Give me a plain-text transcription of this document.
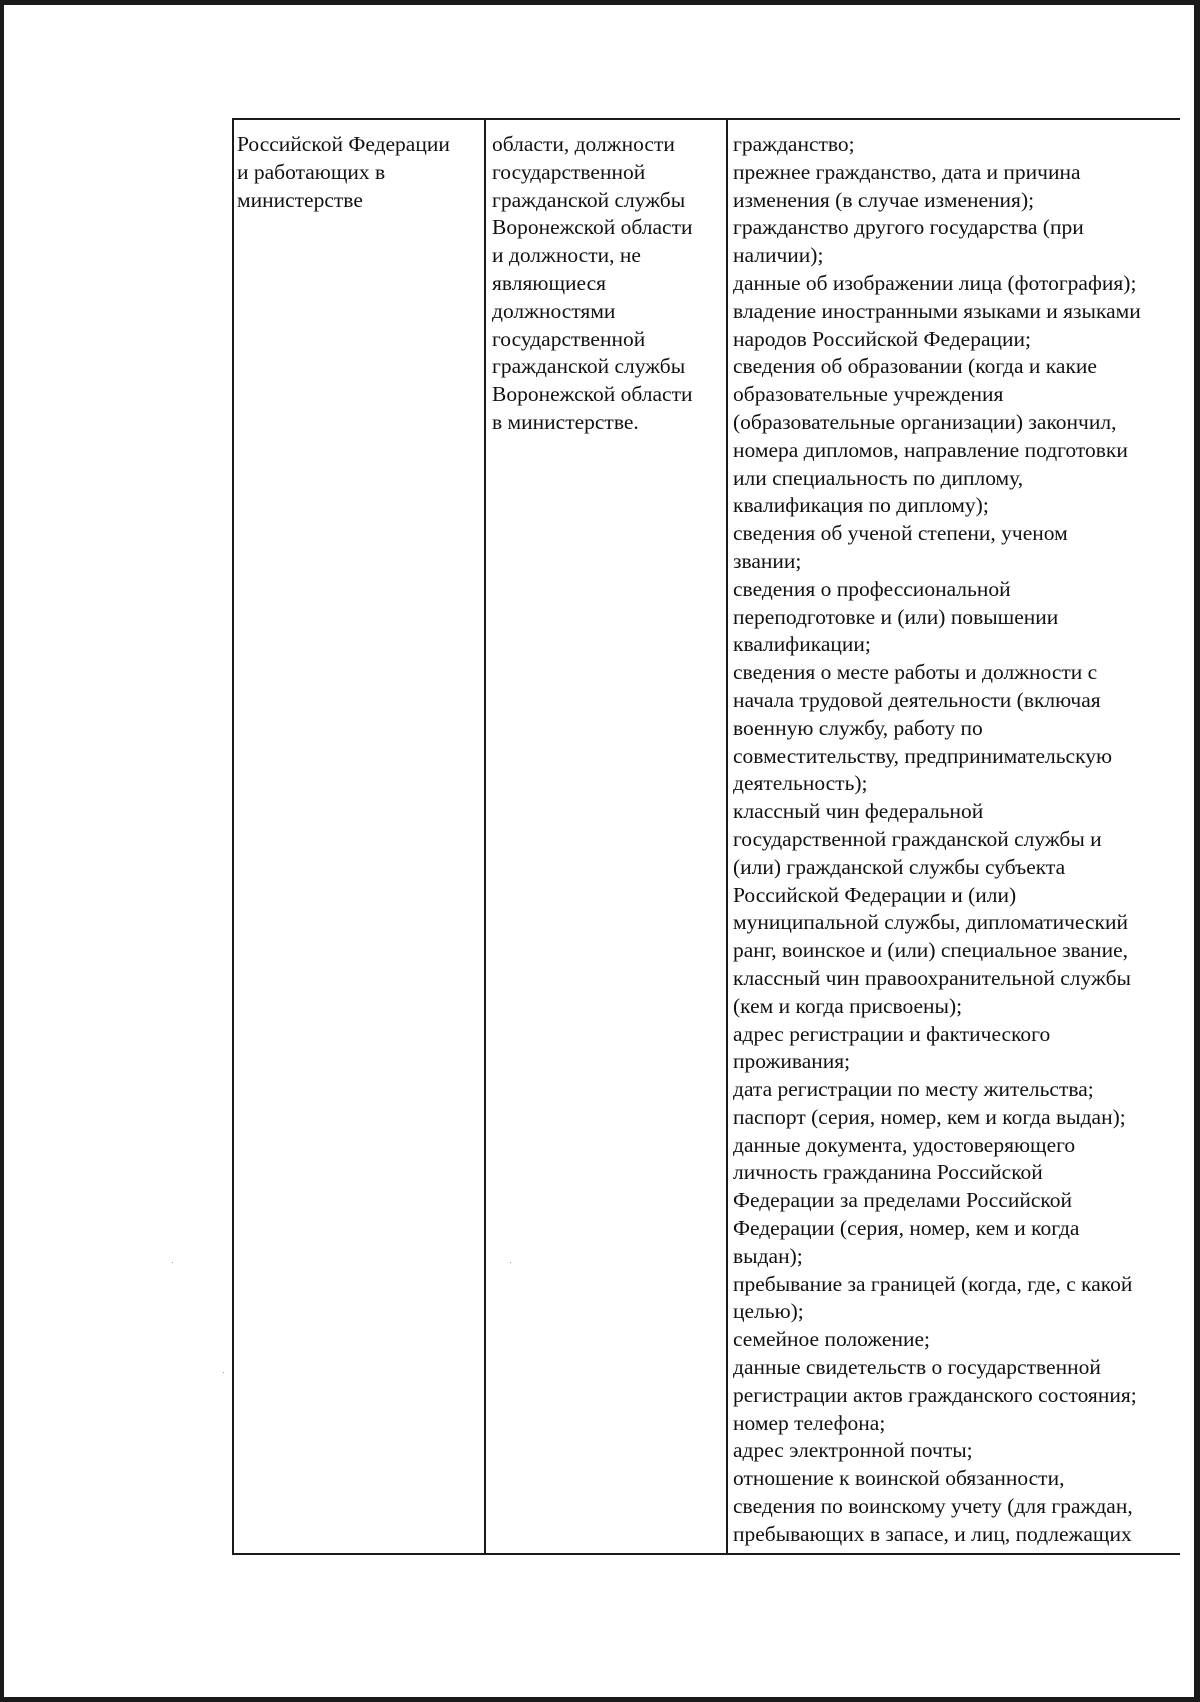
Российской Федерации
и работающих в
министерстве
области, должности
государственной
гражданской службы
Воронежской области
и должности, не
являющиеся
должностями
государственной
гражданской службы
Воронежской области
в министерстве.
гражданство;
прежнее гражданство, дата и причина
изменения (в случае изменения);
гражданство другого государства (при
наличии);
данные об изображении лица (фотография);
владение иностранными языками и языками
народов Российской Федерации;
сведения об образовании (когда и какие
образовательные учреждения
(образовательные организации) закончил,
номера дипломов, направление подготовки
или специальность по диплому,
квалификация по диплому);
сведения об ученой степени, ученом
звании;
сведения о профессиональной
переподготовке и (или) повышении
квалификации;
сведения о месте работы и должности с
начала трудовой деятельности (включая
военную службу, работу по
совместительству, предпринимательскую
деятельность);
классный чин федеральной
государственной гражданской службы и
(или) гражданской службы субъекта
Российской Федерации и (или)
муниципальной службы, дипломатический
ранг, воинское и (или) специальное звание,
классный чин правоохранительной службы
(кем и когда присвоены);
адрес регистрации и фактического
проживания;
дата регистрации по месту жительства;
паспорт (серия, номер, кем и когда выдан);
данные документа, удостоверяющего
личность гражданина Российской
Федерации за пределами Российской
Федерации (серия, номер, кем и когда
выдан);
пребывание за границей (когда, где, с какой
целью);
семейное положение;
данные свидетельств о государственной
регистрации актов гражданского состояния;
номер телефона;
адрес электронной почты;
отношение к воинской обязанности,
сведения по воинскому учету (для граждан,
пребывающих в запасе, и лиц, подлежащих
